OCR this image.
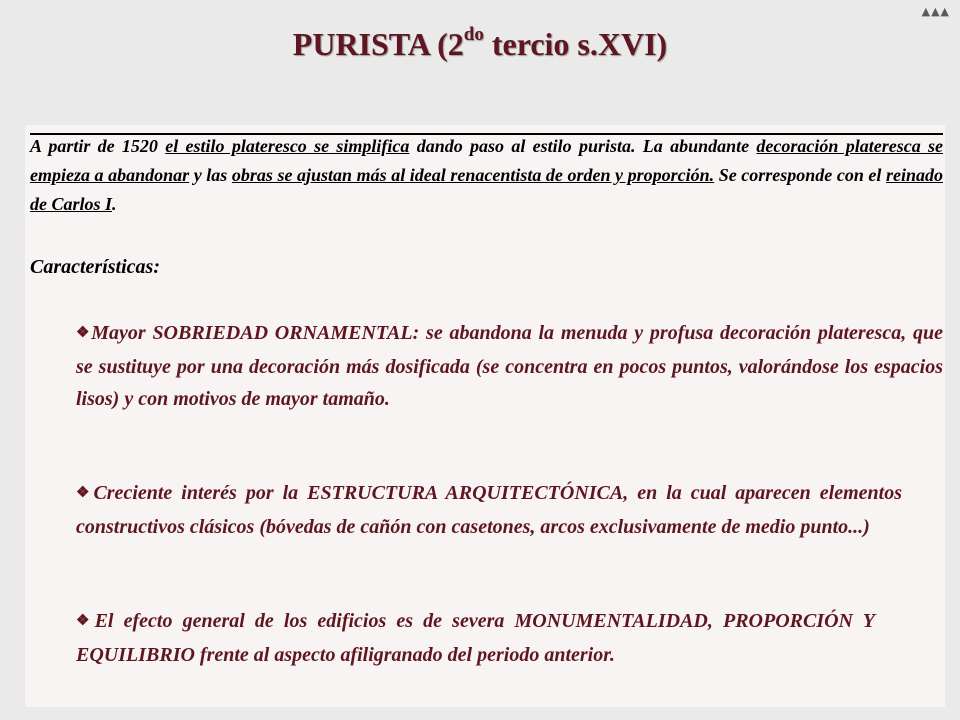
▲▲▲
PURISTA ($2^{do}$ tercio s.XVI)
A partir de 1520 el estilo plateresco se simplifica dando paso al estilo purista. La abundante decoración plateresca se empieza a abandonar y las obras se ajustan más al ideal renacentista de orden y proporción. Se corresponde con el reinado de Carlos I.
Características:
❖Mayor SOBRIEDAD ORNAMENTAL: se abandona la menuda y profusa decoración plateresca, que se sustituye por una decoración más dosificada (se concentra en pocos puntos, valorándose los espacios lisos) y con motivos de mayor tamaño.
❖Creciente interés por la ESTRUCTURA ARQUITECTÓNICA, en la cual aparecen elementos constructivos clásicos (bóvedas de cañón con casetones, arcos exclusivamente de medio punto...)
❖El efecto general de los edificios es de severa MONUMENTALIDAD, PROPORCIÓN Y EQUILIBRIO frente al aspecto afiligranado del periodo anterior.
